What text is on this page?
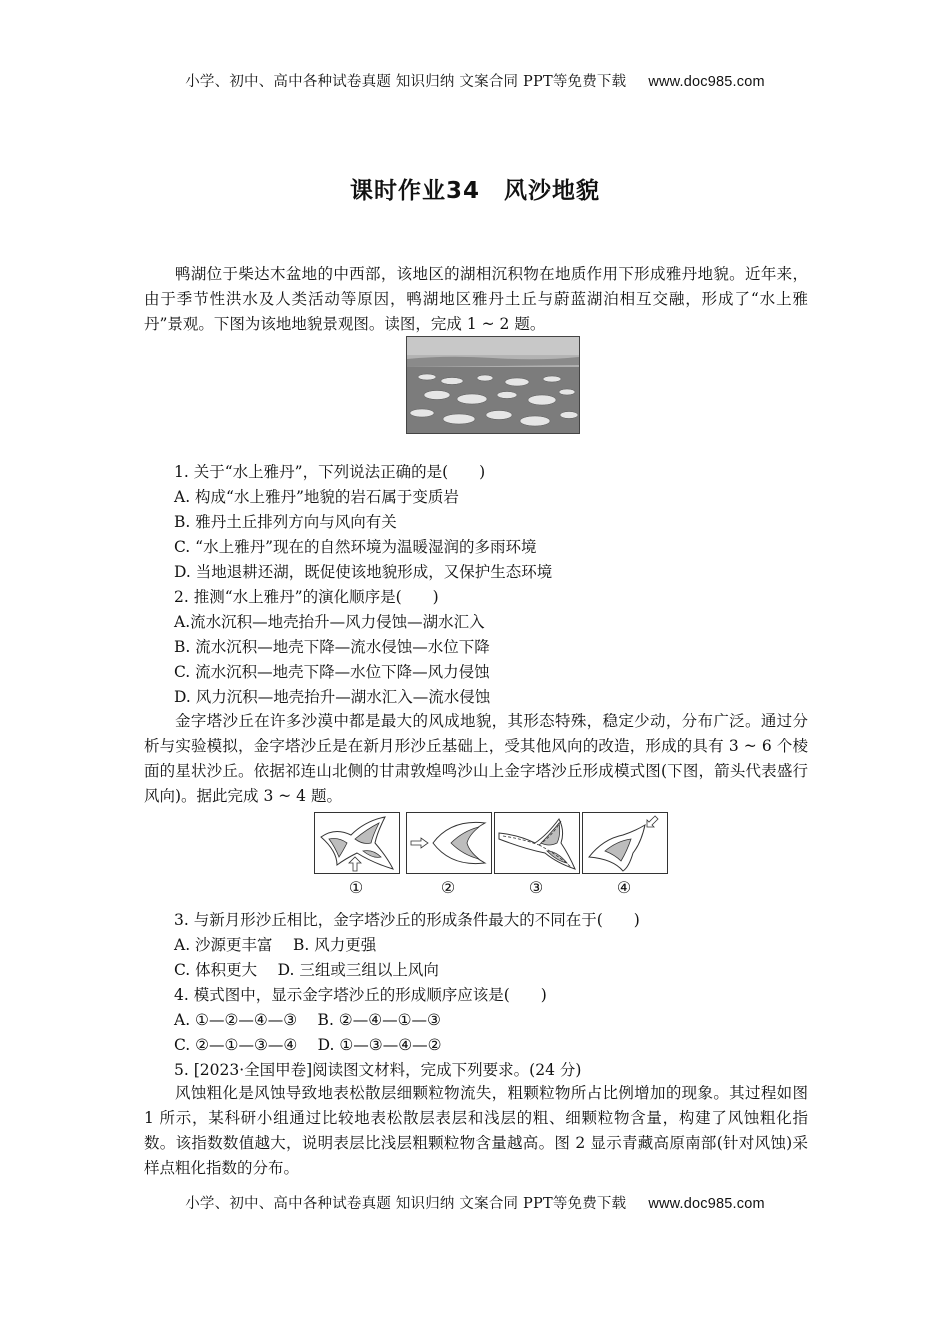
小学、初中、高中各种试卷真题 知识归纳 文案合同 PPT等免费下载 www.doc985.com
课时作业34　风沙地貌

鸭湖位于柴达木盆地的中西部，该地区的湖相沉积物在地质作用下形成雅丹地貌。近年来，由于季节性洪水及人类活动等原因，鸭湖地区雅丹土丘与蔚蓝湖泊相互交融，形成了“水上雅丹”景观。下图为该地地貌景观图。读图，完成 1 ~ 2 题。

1. 关于“水上雅丹”，下列说法正确的是(　　)
A. 构成“水上雅丹”地貌的岩石属于变质岩
B. 雅丹土丘排列方向与风向有关
C. “水上雅丹”现在的自然环境为温暖湿润的多雨环境
D. 当地退耕还湖，既促使该地貌形成，又保护生态环境
2. 推测“水上雅丹”的演化顺序是(　　)
A.流水沉积—地壳抬升—风力侵蚀—湖水汇入
B. 流水沉积—地壳下降—流水侵蚀—水位下降
C. 流水沉积—地壳下降—水位下降—风力侵蚀
D. 风力沉积—地壳抬升—湖水汇入—流水侵蚀

金字塔沙丘在许多沙漠中都是最大的风成地貌，其形态特殊，稳定少动，分布广泛。通过分析与实验模拟，金字塔沙丘是在新月形沙丘基础上，受其他风向的改造，形成的具有 3 ~ 6 个棱面的星状沙丘。依据祁连山北侧的甘肃敦煌鸣沙山上金字塔沙丘形成模式图(下图，箭头代表盛行风向)。据此完成 3 ~ 4 题。

①	②	③	④
3. 与新月形沙丘相比，金字塔沙丘的形成条件最大的不同在于(　　)
A. 沙源更丰富　 B. 风力更强
C. 体积更大　 D. 三组或三组以上风向
4. 模式图中，显示金字塔沙丘的形成顺序应该是(　　)
A. ①—②—④—③　 B. ②—④—①—③
C. ②—①—③—④　 D. ①—③—④—②
5. [2023·全国甲卷]阅读图文材料，完成下列要求。(24 分)

风蚀粗化是风蚀导致地表松散层细颗粒物流失，粗颗粒物所占比例增加的现象。其过程如图 1 所示，某科研小组通过比较地表松散层表层和浅层的粗、细颗粒物含量，构建了风蚀粗化指数。该指数数值越大，说明表层比浅层粗颗粒物含量越高。图 2 显示青藏高原南部(针对风蚀)采样点粗化指数的分布。

小学、初中、高中各种试卷真题 知识归纳 文案合同 PPT等免费下载 www.doc985.com
